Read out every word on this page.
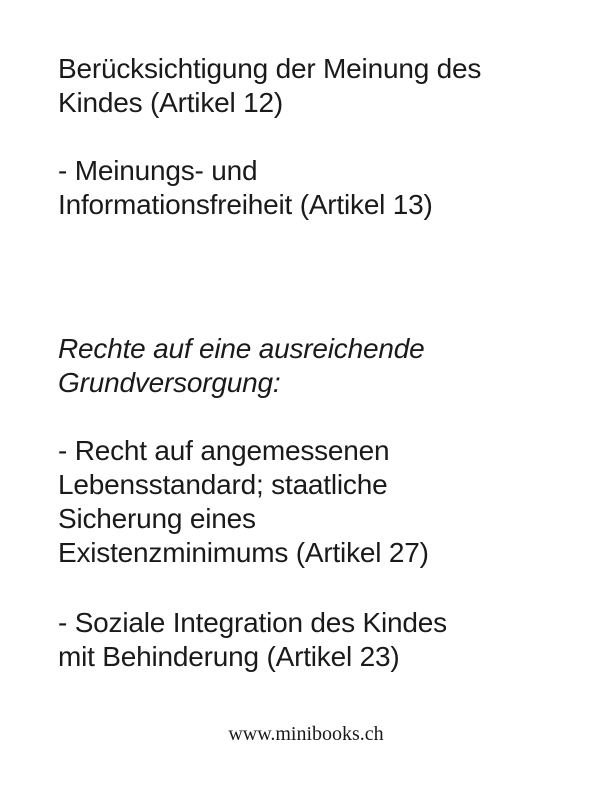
Berücksichtigung der Meinung des
Kindes (Artikel 12)

- Meinungs- und
Informationsfreiheit (Artikel 13)

Rechte auf eine ausreichende
Grundversorgung:

- Recht auf angemessenen
Lebensstandard; staatliche
Sicherung eines
Existenzminimums (Artikel 27)

- Soziale Integration des Kindes
mit Behinderung (Artikel 23)

www.minibooks.ch
